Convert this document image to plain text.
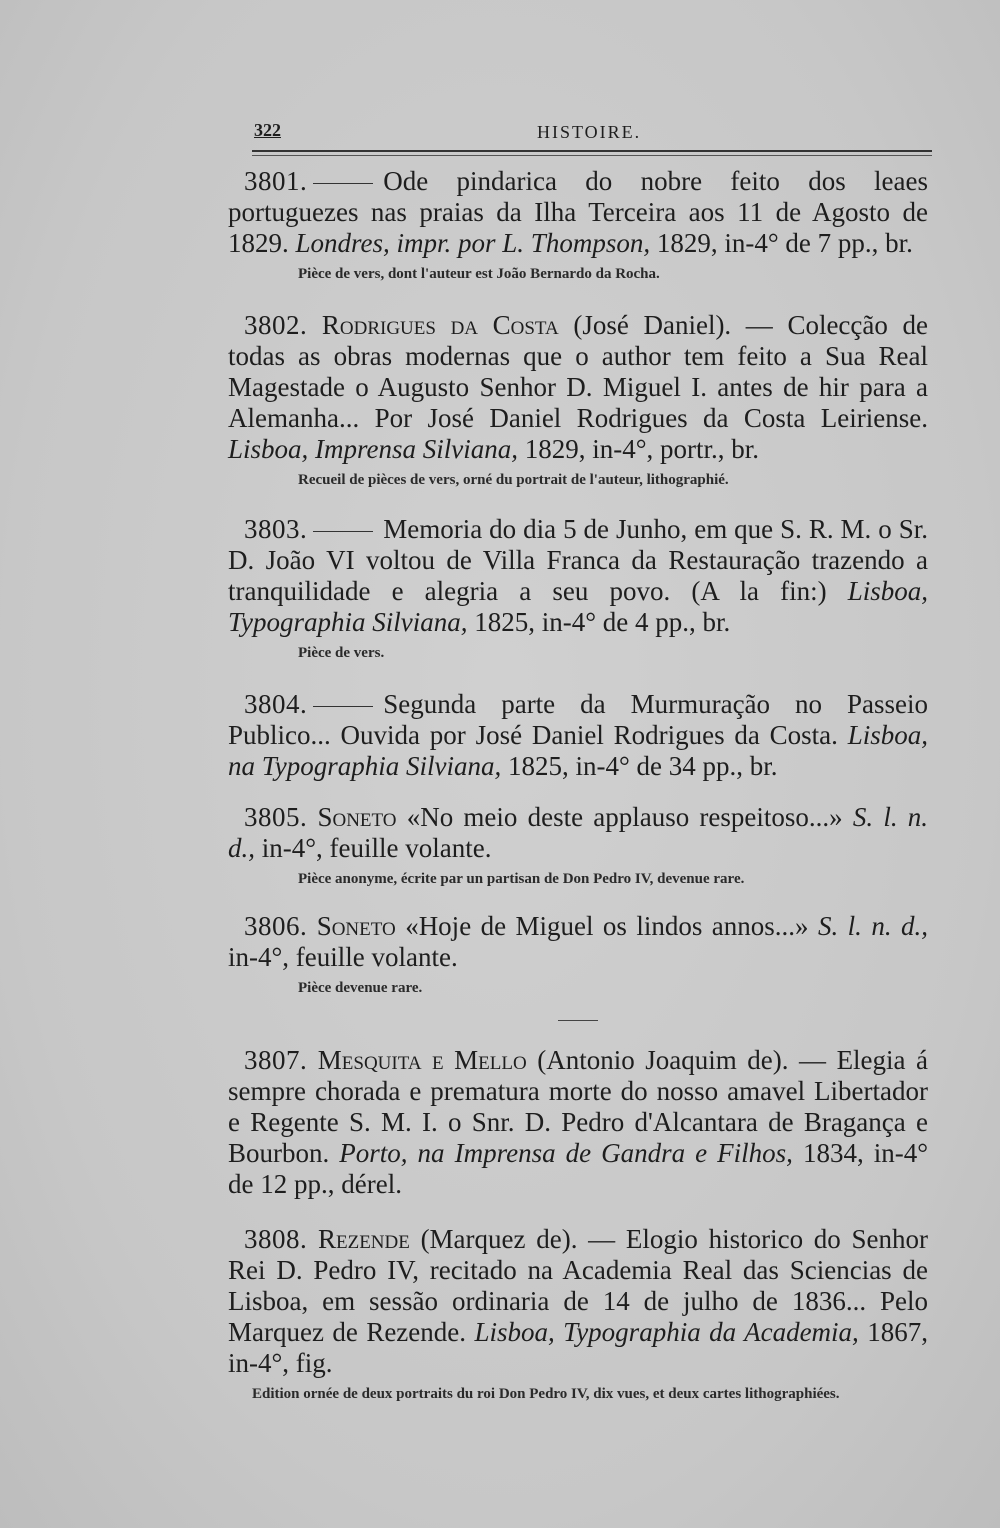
322	HISTOIRE.

3801.	Ode pindarica do nobre feito dos leaes portuguezes nas praias da Ilha Terceira aos 11 de Agosto de 1829. Londres, impr. por L. Thompson, 1829, in-4° de 7 pp., br.

Pièce de vers, dont l'auteur est João Bernardo da Rocha.

3802. Rodrigues da Costa (José Daniel). — Colecção de todas as obras modernas que o author tem feito a Sua Real Magestade o Augusto Senhor D. Miguel I. antes de hir para a Alemanha... Por José Daniel Rodrigues da Costa Leiriense. Lisboa, Imprensa Silviana, 1829, in-4°, portr., br.

Recueil de pièces de vers, orné du portrait de l'auteur, lithographié.

3803.	Memoria do dia 5 de Junho, em que S. R. M. o Sr. D. João VI voltou de Villa Franca da Restauração trazendo a tranquilidade e alegria a seu povo. (A la fin:) Lisboa, Typographia Silviana, 1825, in-4° de 4 pp., br.

Pièce de vers.

3804.	Segunda parte da Murmuração no Passeio Publico... Ouvida por José Daniel Rodrigues da Costa. Lisboa, na Typographia Silviana, 1825, in-4° de 34 pp., br.

3805. Soneto «No meio deste applauso respeitoso...» S. l. n. d., in-4°, feuille volante.

Pièce anonyme, écrite par un partisan de Don Pedro IV, devenue rare.

3806. Soneto «Hoje de Miguel os lindos annos...» S. l. n. d., in-4°, feuille volante.

Pièce devenue rare.

3807. Mesquita e Mello (Antonio Joaquim de). — Elegia á sempre chorada e prematura morte do nosso amavel Libertador e Regente S. M. I. o Snr. D. Pedro d'Alcantara de Bragança e Bourbon. Porto, na Imprensa de Gandra e Filhos, 1834, in-4° de 12 pp., dérel.

3808. Rezende (Marquez de). — Elogio historico do Senhor Rei D. Pedro IV, recitado na Academia Real das Sciencias de Lisboa, em sessão ordinaria de 14 de julho de 1836... Pelo Marquez de Rezende. Lisboa, Typographia da Academia, 1867, in-4°, fig.

Edition ornée de deux portraits du roi Don Pedro IV, dix vues, et deux cartes lithographiées.
